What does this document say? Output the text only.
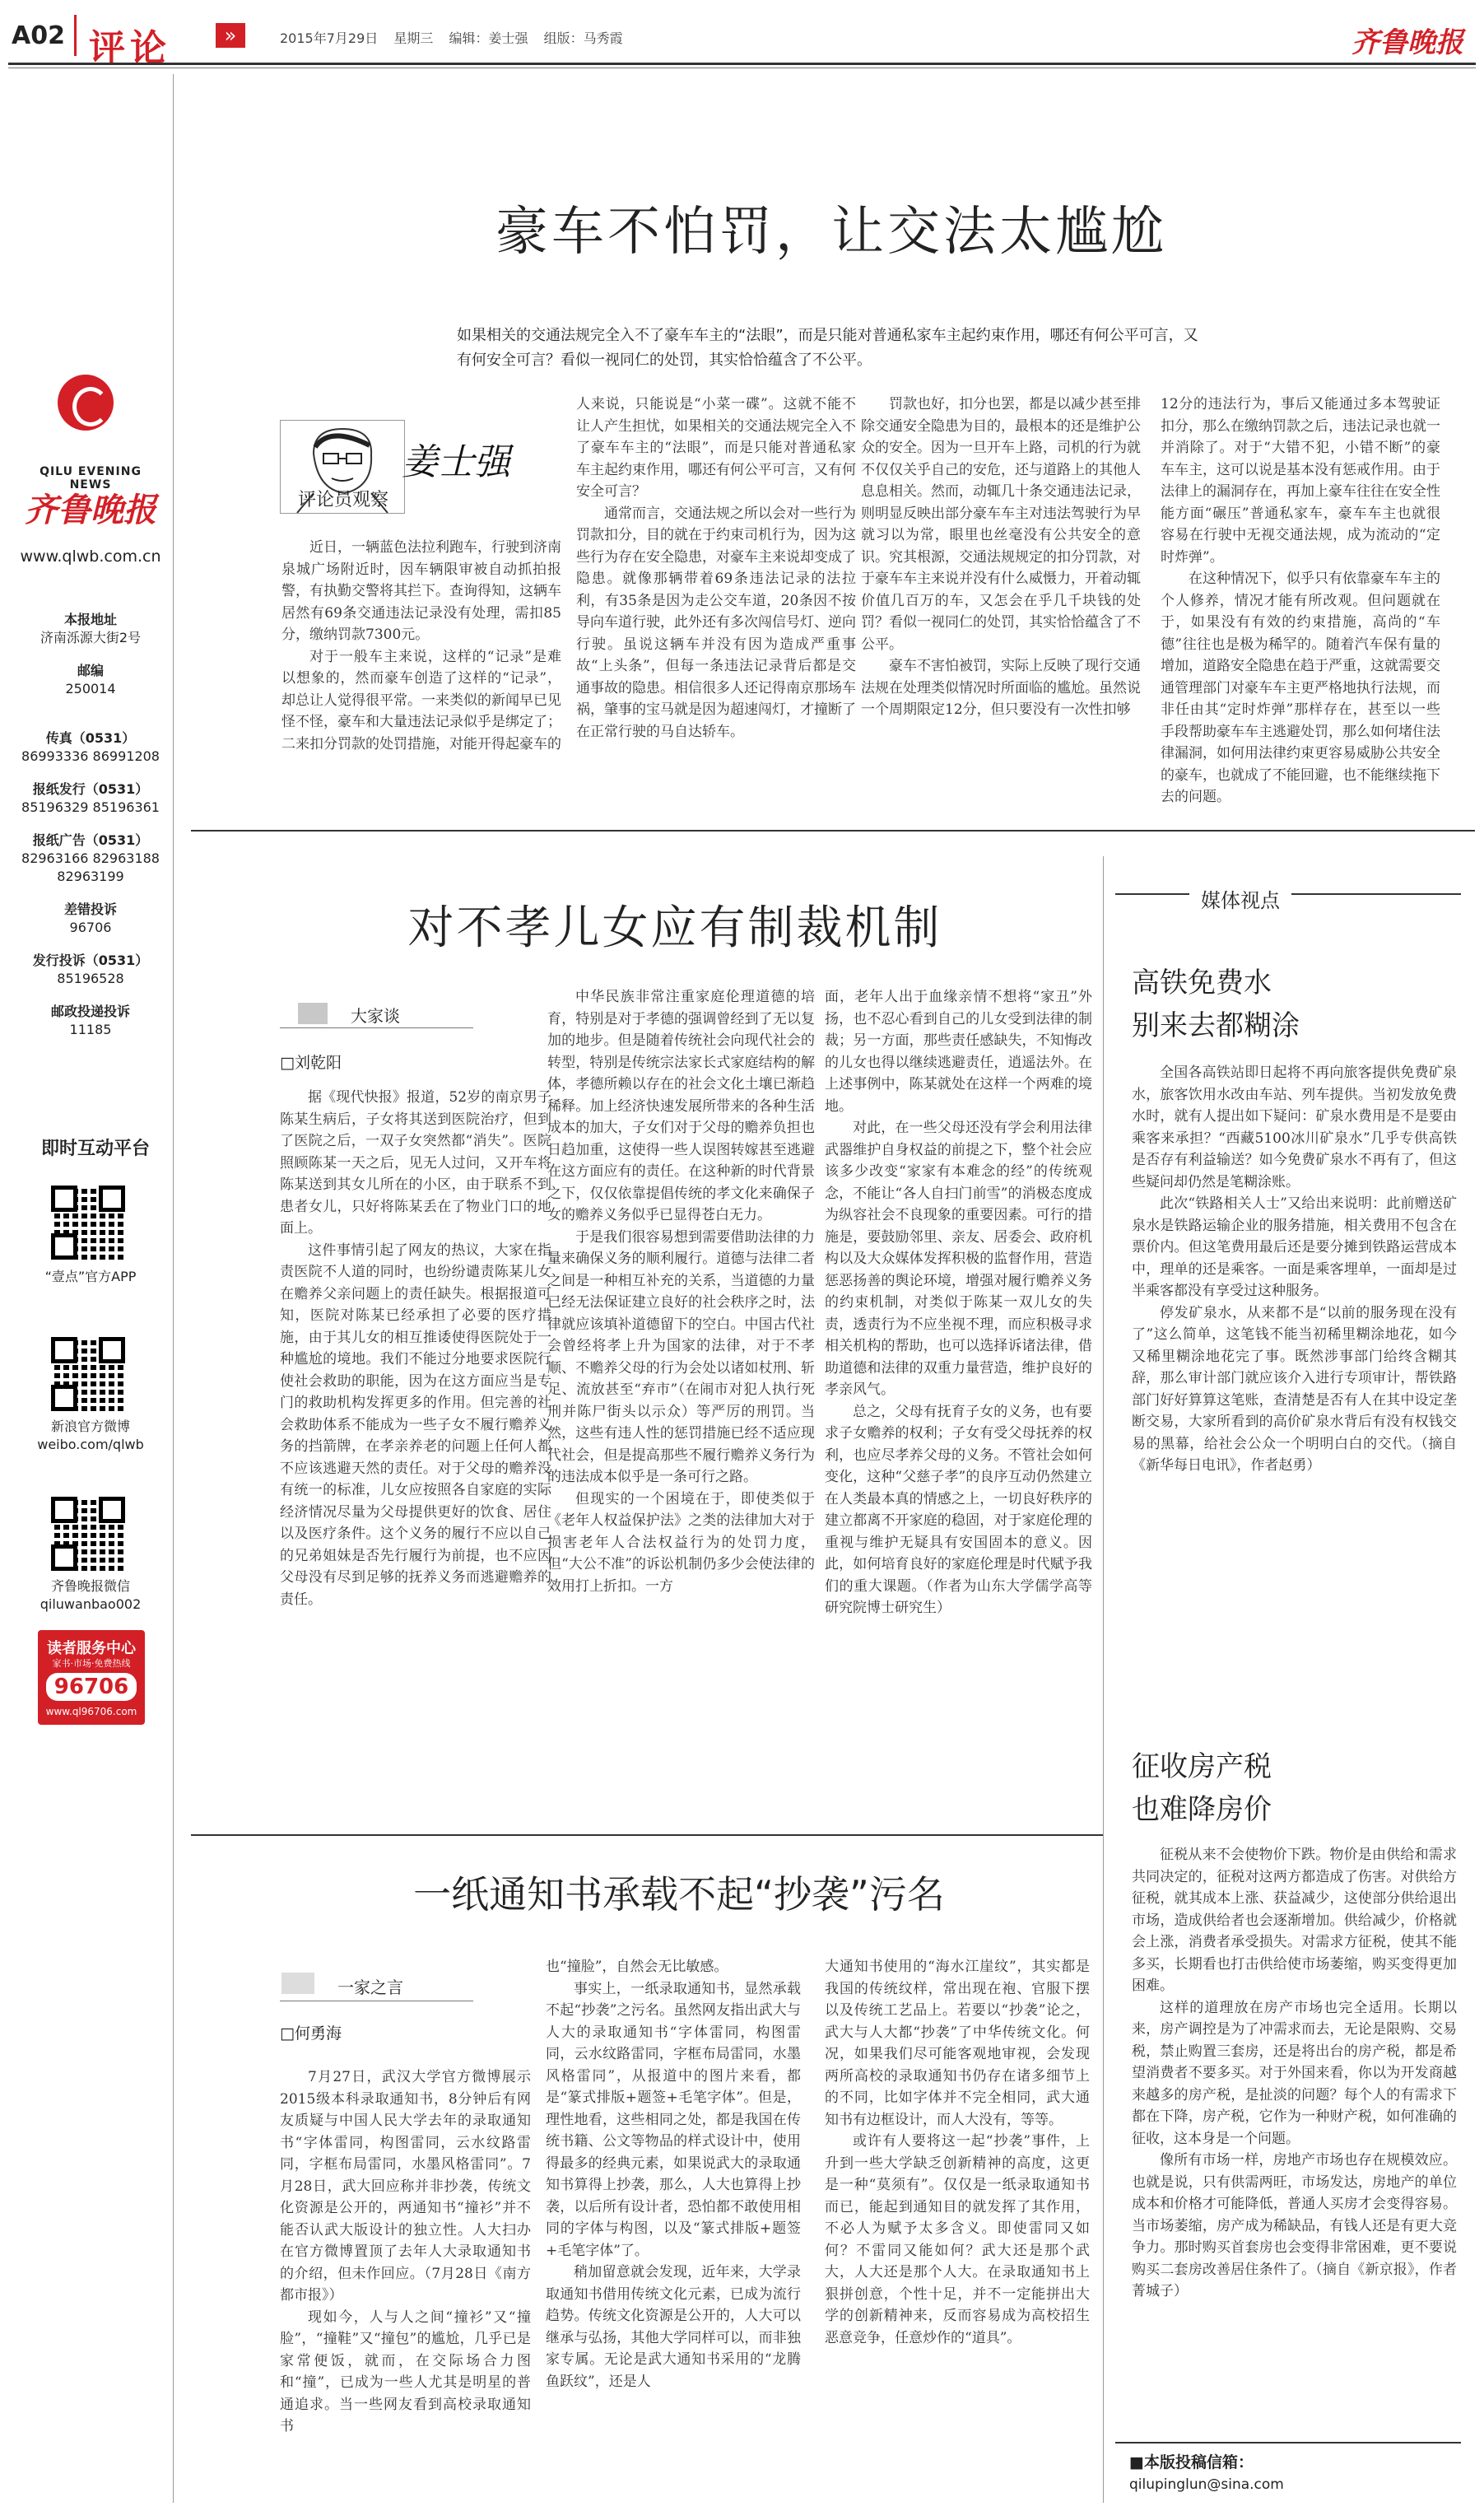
A02 评论	»	2015年7月29日 星期三 编辑：姜士强 组版：马秀霞	齐鲁晚报
QILU EVENING NEWS
齐鲁晚报
www.qlwb.com.cn
本报地址
济南泺源大街2号
邮编
250014
传真（0531）
86993336 86991208
报纸发行（0531）
85196329 85196361
报纸广告（0531）
82963166 82963188
82963199
差错投诉
96706
发行投诉（0531）
85196528
邮政投递投诉
11185
即时互动平台
“壹点”官方APP
新浪官方微博
weibo.com/qlwb
齐鲁晚报微信
qiluwanbao002
读者服务中心
家书·市场·免费热线
96706
www.ql96706.com
豪车不怕罚，让交法太尴尬
如果相关的交通法规完全入不了豪车车主的“法眼”，而是只能对普通私家车主起约束作用，哪还有何公平可言，又有何安全可言？看似一视同仁的处罚，其实恰恰蕴含了不公平。
姜士强
评论员观察

近日，一辆蓝色法拉利跑车，行驶到济南泉城广场附近时，因车辆限审被自动抓拍报警，有执勤交警将其拦下。查询得知，这辆车居然有69条交通违法记录没有处理，需扣85分，缴纳罚款7300元。

对于一般车主来说，这样的“记录”是难以想象的，然而豪车创造了这样的“记录”，却总让人觉得很平常。一来类似的新闻早已见怪不怪，豪车和大量违法记录似乎是绑定了；二来扣分罚款的处罚措施，对能开得起豪车的

人来说，只能说是“小菜一碟”。这就不能不让人产生担忧，如果相关的交通法规完全入不了豪车车主的“法眼”，而是只能对普通私家车主起约束作用，哪还有何公平可言，又有何安全可言？

通常而言，交通法规之所以会对一些行为罚款扣分，目的就在于约束司机行为，因为这些行为存在安全隐患，对豪车主来说却变成了隐患。就像那辆带着69条违法记录的法拉利，有35条是因为走公交车道，20条因不按导向车道行驶，此外还有多次闯信号灯、逆向行驶。虽说这辆车并没有因为造成严重事故“上头条”，但每一条违法记录背后都是交通事故的隐患。相信很多人还记得南京那场车祸，肇事的宝马就是因为超速闯灯，才撞断了在正常行驶的马自达轿车。

罚款也好，扣分也罢，都是以减少甚至排除交通安全隐患为目的，最根本的还是维护公众的安全。因为一旦开车上路，司机的行为就不仅仅关乎自己的安危，还与道路上的其他人息息相关。然而，动辄几十条交通违法记录，则明显反映出部分豪车车主对违法驾驶行为早就习以为常，眼里也丝毫没有公共安全的意识。究其根源，交通法规规定的扣分罚款，对于豪车车主来说并没有什么威慑力，开着动辄价值几百万的车，又怎会在乎几千块钱的处罚？看似一视同仁的处罚，其实恰恰蕴含了不公平。

豪车不害怕被罚，实际上反映了现行交通法规在处理类似情况时所面临的尴尬。虽然说一个周期限定12分，但只要没有一次性扣够

12分的违法行为，事后又能通过多本驾驶证扣分，那么在缴纳罚款之后，违法记录也就一并消除了。对于“大错不犯，小错不断”的豪车车主，这可以说是基本没有惩戒作用。由于法律上的漏洞存在，再加上豪车往往在安全性能方面“碾压”普通私家车，豪车车主也就很容易在行驶中无视交通法规，成为流动的“定时炸弹”。

在这种情况下，似乎只有依靠豪车车主的个人修养，情况才能有所改观。但问题就在于，如果没有有效的约束措施，高尚的“车德”往往也是极为稀罕的。随着汽车保有量的增加，道路安全隐患在趋于严重，这就需要交通管理部门对豪车车主更严格地执行法规，而非任由其“定时炸弹”那样存在，甚至以一些手段帮助豪车车主逃避处罚，那么如何堵住法律漏洞，如何用法律约束更容易威胁公共安全的豪车，也就成了不能回避，也不能继续拖下去的问题。

对不孝儿女应有制裁机制
大家谈
□刘乾阳

据《现代快报》报道，52岁的南京男子陈某生病后，子女将其送到医院治疗，但到了医院之后，一双子女突然都“消失”。医院照顾陈某一天之后，见无人过问，又开车将陈某送到其女儿所在的小区，由于联系不到患者女儿，只好将陈某丢在了物业门口的地面上。

这件事情引起了网友的热议，大家在指责医院不人道的同时，也纷纷谴责陈某儿女在赡养父亲问题上的责任缺失。根据报道可知，医院对陈某已经承担了必要的医疗措施，由于其儿女的相互推诿使得医院处于一种尴尬的境地。我们不能过分地要求医院行使社会救助的职能，因为在这方面应当是专门的救助机构发挥更多的作用。但完善的社会救助体系不能成为一些子女不履行赡养义务的挡箭牌，在孝亲养老的问题上任何人都不应该逃避天然的责任。对于父母的赡养没有统一的标准，儿女应按照各自家庭的实际经济情况尽量为父母提供更好的饮食、居住以及医疗条件。这个义务的履行不应以自己的兄弟姐妹是否先行履行为前提，也不应因父母没有尽到足够的抚养义务而逃避赡养的责任。

中华民族非常注重家庭伦理道德的培育，特别是对于孝德的强调曾经到了无以复加的地步。但是随着传统社会向现代社会的转型，特别是传统宗法家长式家庭结构的解体，孝德所赖以存在的社会文化土壤已渐趋稀释。加上经济快速发展所带来的各种生活成本的加大，子女们对于父母的赡养负担也日趋加重，这使得一些人误图转嫁甚至逃避在这方面应有的责任。在这种新的时代背景之下，仅仅依靠提倡传统的孝文化来确保子女的赡养义务似乎已显得苍白无力。

于是我们很容易想到需要借助法律的力量来确保义务的顺利履行。道德与法律二者之间是一种相互补充的关系，当道德的力量已经无法保证建立良好的社会秩序之时，法律就应该填补道德留下的空白。中国古代社会曾经将孝上升为国家的法律，对于不孝顺、不赡养父母的行为会处以诸如杖刑、斩足、流放甚至“弃市”（在闹市对犯人执行死刑并陈尸街头以示众）等严厉的刑罚。当然，这些有违人性的惩罚措施已经不适应现代社会，但是提高那些不履行赡养义务行为的违法成本似乎是一条可行之路。

但现实的一个困境在于，即使类似于《老年人权益保护法》之类的法律加大对于损害老年人合法权益行为的处罚力度，但“大公不准”的诉讼机制仍多少会使法律的效用打上折扣。一方

面，老年人出于血缘亲情不想将“家丑”外扬，也不忍心看到自己的儿女受到法律的制裁；另一方面，那些责任感缺失，不知悔改的儿女也得以继续逃避责任，逍遥法外。在上述事例中，陈某就处在这样一个两难的境地。

对此，在一些父母还没有学会利用法律武器维护自身权益的前提之下，整个社会应该多少改变“家家有本难念的经”的传统观念，不能让“各人自扫门前雪”的消极态度成为纵容社会不良现象的重要因素。可行的措施是，要鼓励邻里、亲友、居委会、政府机构以及大众媒体发挥积极的监督作用，营造惩恶扬善的舆论环境，增强对履行赡养义务的约束机制，对类似于陈某一双儿女的失责，透责行为不应坐视不理，而应积极寻求相关机构的帮助，也可以选择诉诸法律，借助道德和法律的双重力量营造，维护良好的孝亲风气。

总之，父母有抚育子女的义务，也有要求子女赡养的权利；子女有受父母抚养的权利，也应尽孝养父母的义务。不管社会如何变化，这种“父慈子孝”的良序互动仍然建立在人类最本真的情感之上，一切良好秩序的建立都离不开家庭的稳固，对于家庭伦理的重视与维护无疑具有安国固本的意义。因此，如何培育良好的家庭伦理是时代赋予我们的重大课题。（作者为山东大学儒学高等研究院博士研究生）

一纸通知书承载不起“抄袭”污名
一家之言
□何勇海

7月27日，武汉大学官方微博展示2015级本科录取通知书，8分钟后有网友质疑与中国人民大学去年的录取通知书“字体雷同，构图雷同，云水纹路雷同，字框布局雷同，水墨风格雷同”。7月28日，武大回应称并非抄袭，传统文化资源是公开的，两通知书“撞衫”并不能否认武大版设计的独立性。人大扫办在官方微博置顶了去年人大录取通知书的介绍，但未作回应。（7月28日《南方都市报》）

现如今，人与人之间“撞衫”又“撞脸”，“撞鞋”又“撞包”的尴尬，几乎已是家常便饭，就而，在交际场合力图和“撞”，已成为一些人尤其是明星的普通追求。当一些网友看到高校录取通知书

也“撞脸”，自然会无比敏感。

事实上，一纸录取通知书，显然承载不起“抄袭”之污名。虽然网友指出武大与人大的录取通知书“字体雷同，构图雷同，云水纹路雷同，字框布局雷同，水墨风格雷同”，从报道中的图片来看，都是“篆式排版+题签+毛笔字体”。但是，理性地看，这些相同之处，都是我国在传统书籍、公文等物品的样式设计中，使用得最多的经典元素，如果说武大的录取通知书算得上抄袭，那么，人大也算得上抄袭，以后所有设计者，恐怕都不敢使用相同的字体与构图，以及“篆式排版+题签+毛笔字体”了。

稍加留意就会发现，近年来，大学录取通知书借用传统文化元素，已成为流行趋势。传统文化资源是公开的，人大可以继承与弘扬，其他大学同样可以，而非独家专属。无论是武大通知书采用的“龙腾鱼跃纹”，还是人

大通知书使用的“海水江崖纹”，其实都是我国的传统纹样，常出现在袍、官服下摆以及传统工艺品上。若要以“抄袭”论之，武大与人大都“抄袭”了中华传统文化。何况，如果我们尽可能客观地审视，会发现两所高校的录取通知书仍存在诸多细节上的不同，比如字体并不完全相同，武大通知书有边框设计，而人大没有，等等。

或许有人要将这一起“抄袭”事件，上升到一些大学缺乏创新精神的高度，这更是一种“莫须有”。仅仅是一纸录取通知书而已，能起到通知目的就发挥了其作用，不必人为赋予太多含义。即使雷同又如何？不雷同又能如何？武大还是那个武大，人大还是那个人大。在录取通知书上狠拼创意，个性十足，并不一定能拼出大学的创新精神来，反而容易成为高校招生恶意竞争，任意炒作的“道具”。

媒体视点
高铁免费水
别来去都糊涂

全国各高铁站即日起将不再向旅客提供免费矿泉水，旅客饮用水改由车站、列车提供。当初发放免费水时，就有人提出如下疑问：矿泉水费用是不是要由乘客来承担？“西藏5100冰川矿泉水”几乎专供高铁是否存有利益输送？如今免费矿泉水不再有了，但这些疑问却仍然是笔糊涂账。

此次“铁路相关人士”又给出来说明：此前赠送矿泉水是铁路运输企业的服务措施，相关费用不包含在票价内。但这笔费用最后还是要分摊到铁路运营成本中，理单的还是乘客。一面是乘客埋单，一面却是过半乘客都没有享受过这种服务。

停发矿泉水，从来都不是“以前的服务现在没有了”这么简单，这笔钱不能当初稀里糊涂地花，如今又稀里糊涂地花完了事。既然涉事部门给终含糊其辞，那么审计部门就应该介入进行专项审计，帮铁路部门好好算算这笔账，查清楚是否有人在其中设定垄断交易，大家所看到的高价矿泉水背后有没有权钱交易的黑幕，给社会公众一个明明白白的交代。（摘自《新华每日电讯》，作者赵勇）

征收房产税
也难降房价

征税从来不会使物价下跌。物价是由供给和需求共同决定的，征税对这两方都造成了伤害。对供给方征税，就其成本上涨、获益减少，这使部分供给退出市场，造成供给者也会逐渐增加。供给减少，价格就会上涨，消费者承受损失。对需求方征税，使其不能多买，长期看也打击供给使市场萎缩，购买变得更加困难。

这样的道理放在房产市场也完全适用。长期以来，房产调控是为了冲需求而去，无论是限购、交易税，禁止购置三套房，还是将出台的房产税，都是希望消费者不要多买。对于外国来看，你以为开发商越来越多的房产税，是扯淡的问题？每个人的有需求下都在下降，房产税，它作为一种财产税，如何准确的征收，这本身是一个问题。

像所有市场一样，房地产市场也存在规模效应。也就是说，只有供需两旺，市场发达，房地产的单位成本和价格才可能降低，普通人买房才会变得容易。当市场萎缩，房产成为稀缺品，有钱人还是有更大竞争力。那时购买首套房也会变得非常困难，更不要说购买二套房改善居住条件了。（摘自《新京报》，作者菁城子）

■本版投稿信箱：
qilupinglun@sina.com
